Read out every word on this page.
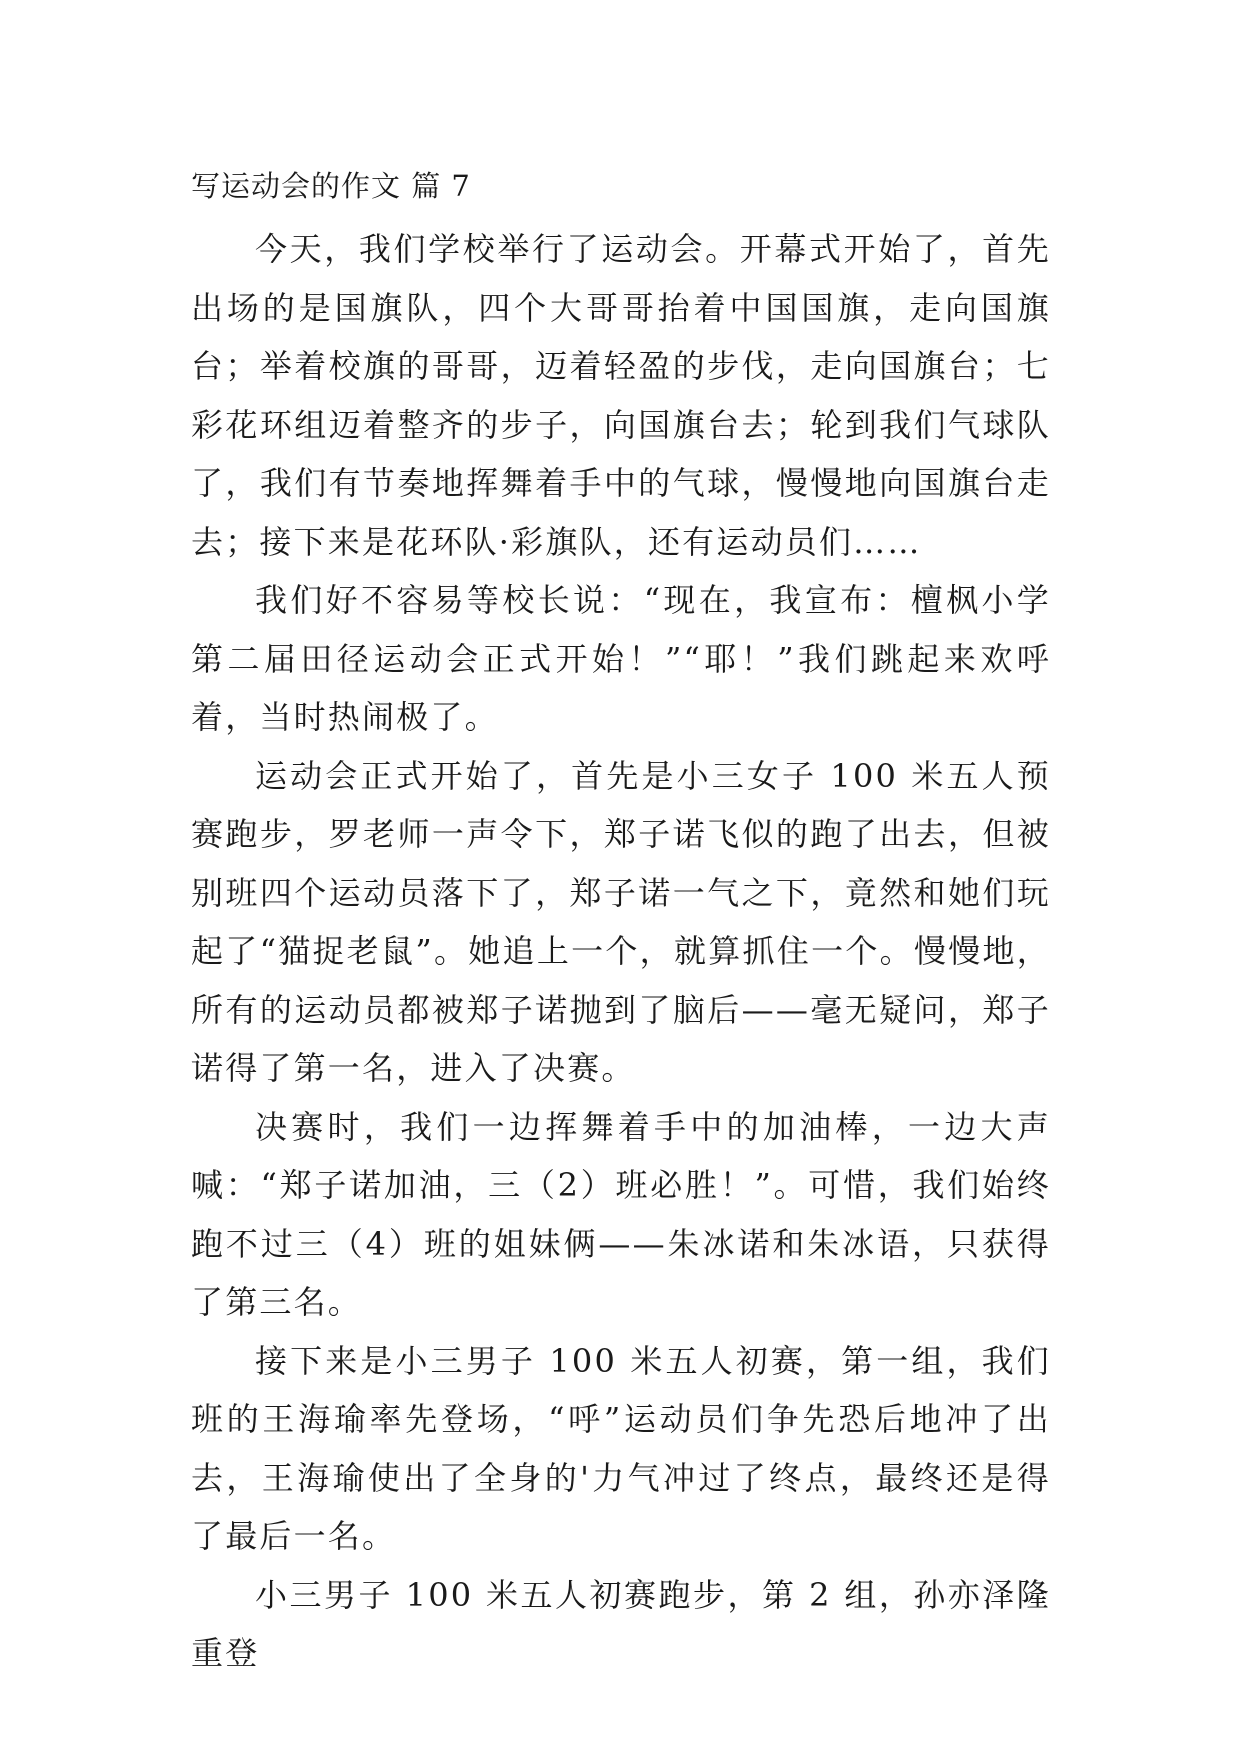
写运动会的作文 篇 7

今天，我们学校举行了运动会。开幕式开始了，首先出场的是国旗队，四个大哥哥抬着中国国旗，走向国旗台；举着校旗的哥哥，迈着轻盈的步伐，走向国旗台；七彩花环组迈着整齐的步子，向国旗台去；轮到我们气球队了，我们有节奏地挥舞着手中的气球，慢慢地向国旗台走去；接下来是花环队·彩旗队，还有运动员们……

我们好不容易等校长说：“现在，我宣布：檀枫小学第二届田径运动会正式开始！”“耶！”我们跳起来欢呼着，当时热闹极了。

运动会正式开始了，首先是小三女子 100 米五人预赛跑步，罗老师一声令下，郑子诺飞似的跑了出去，但被别班四个运动员落下了，郑子诺一气之下，竟然和她们玩起了“猫捉老鼠”。她追上一个，就算抓住一个。慢慢地，所有的运动员都被郑子诺抛到了脑后——毫无疑问，郑子诺得了第一名，进入了决赛。

决赛时，我们一边挥舞着手中的加油棒，一边大声喊：“郑子诺加油，三（2）班必胜！”。可惜，我们始终跑不过三（4）班的姐妹俩——朱冰诺和朱冰语，只获得了第三名。

接下来是小三男子 100 米五人初赛，第一组，我们班的王海瑜率先登场，“呼”运动员们争先恐后地冲了出去，王海瑜使出了全身的'力气冲过了终点，最终还是得了最后一名。

小三男子 100 米五人初赛跑步，第 2 组，孙亦泽隆重登
